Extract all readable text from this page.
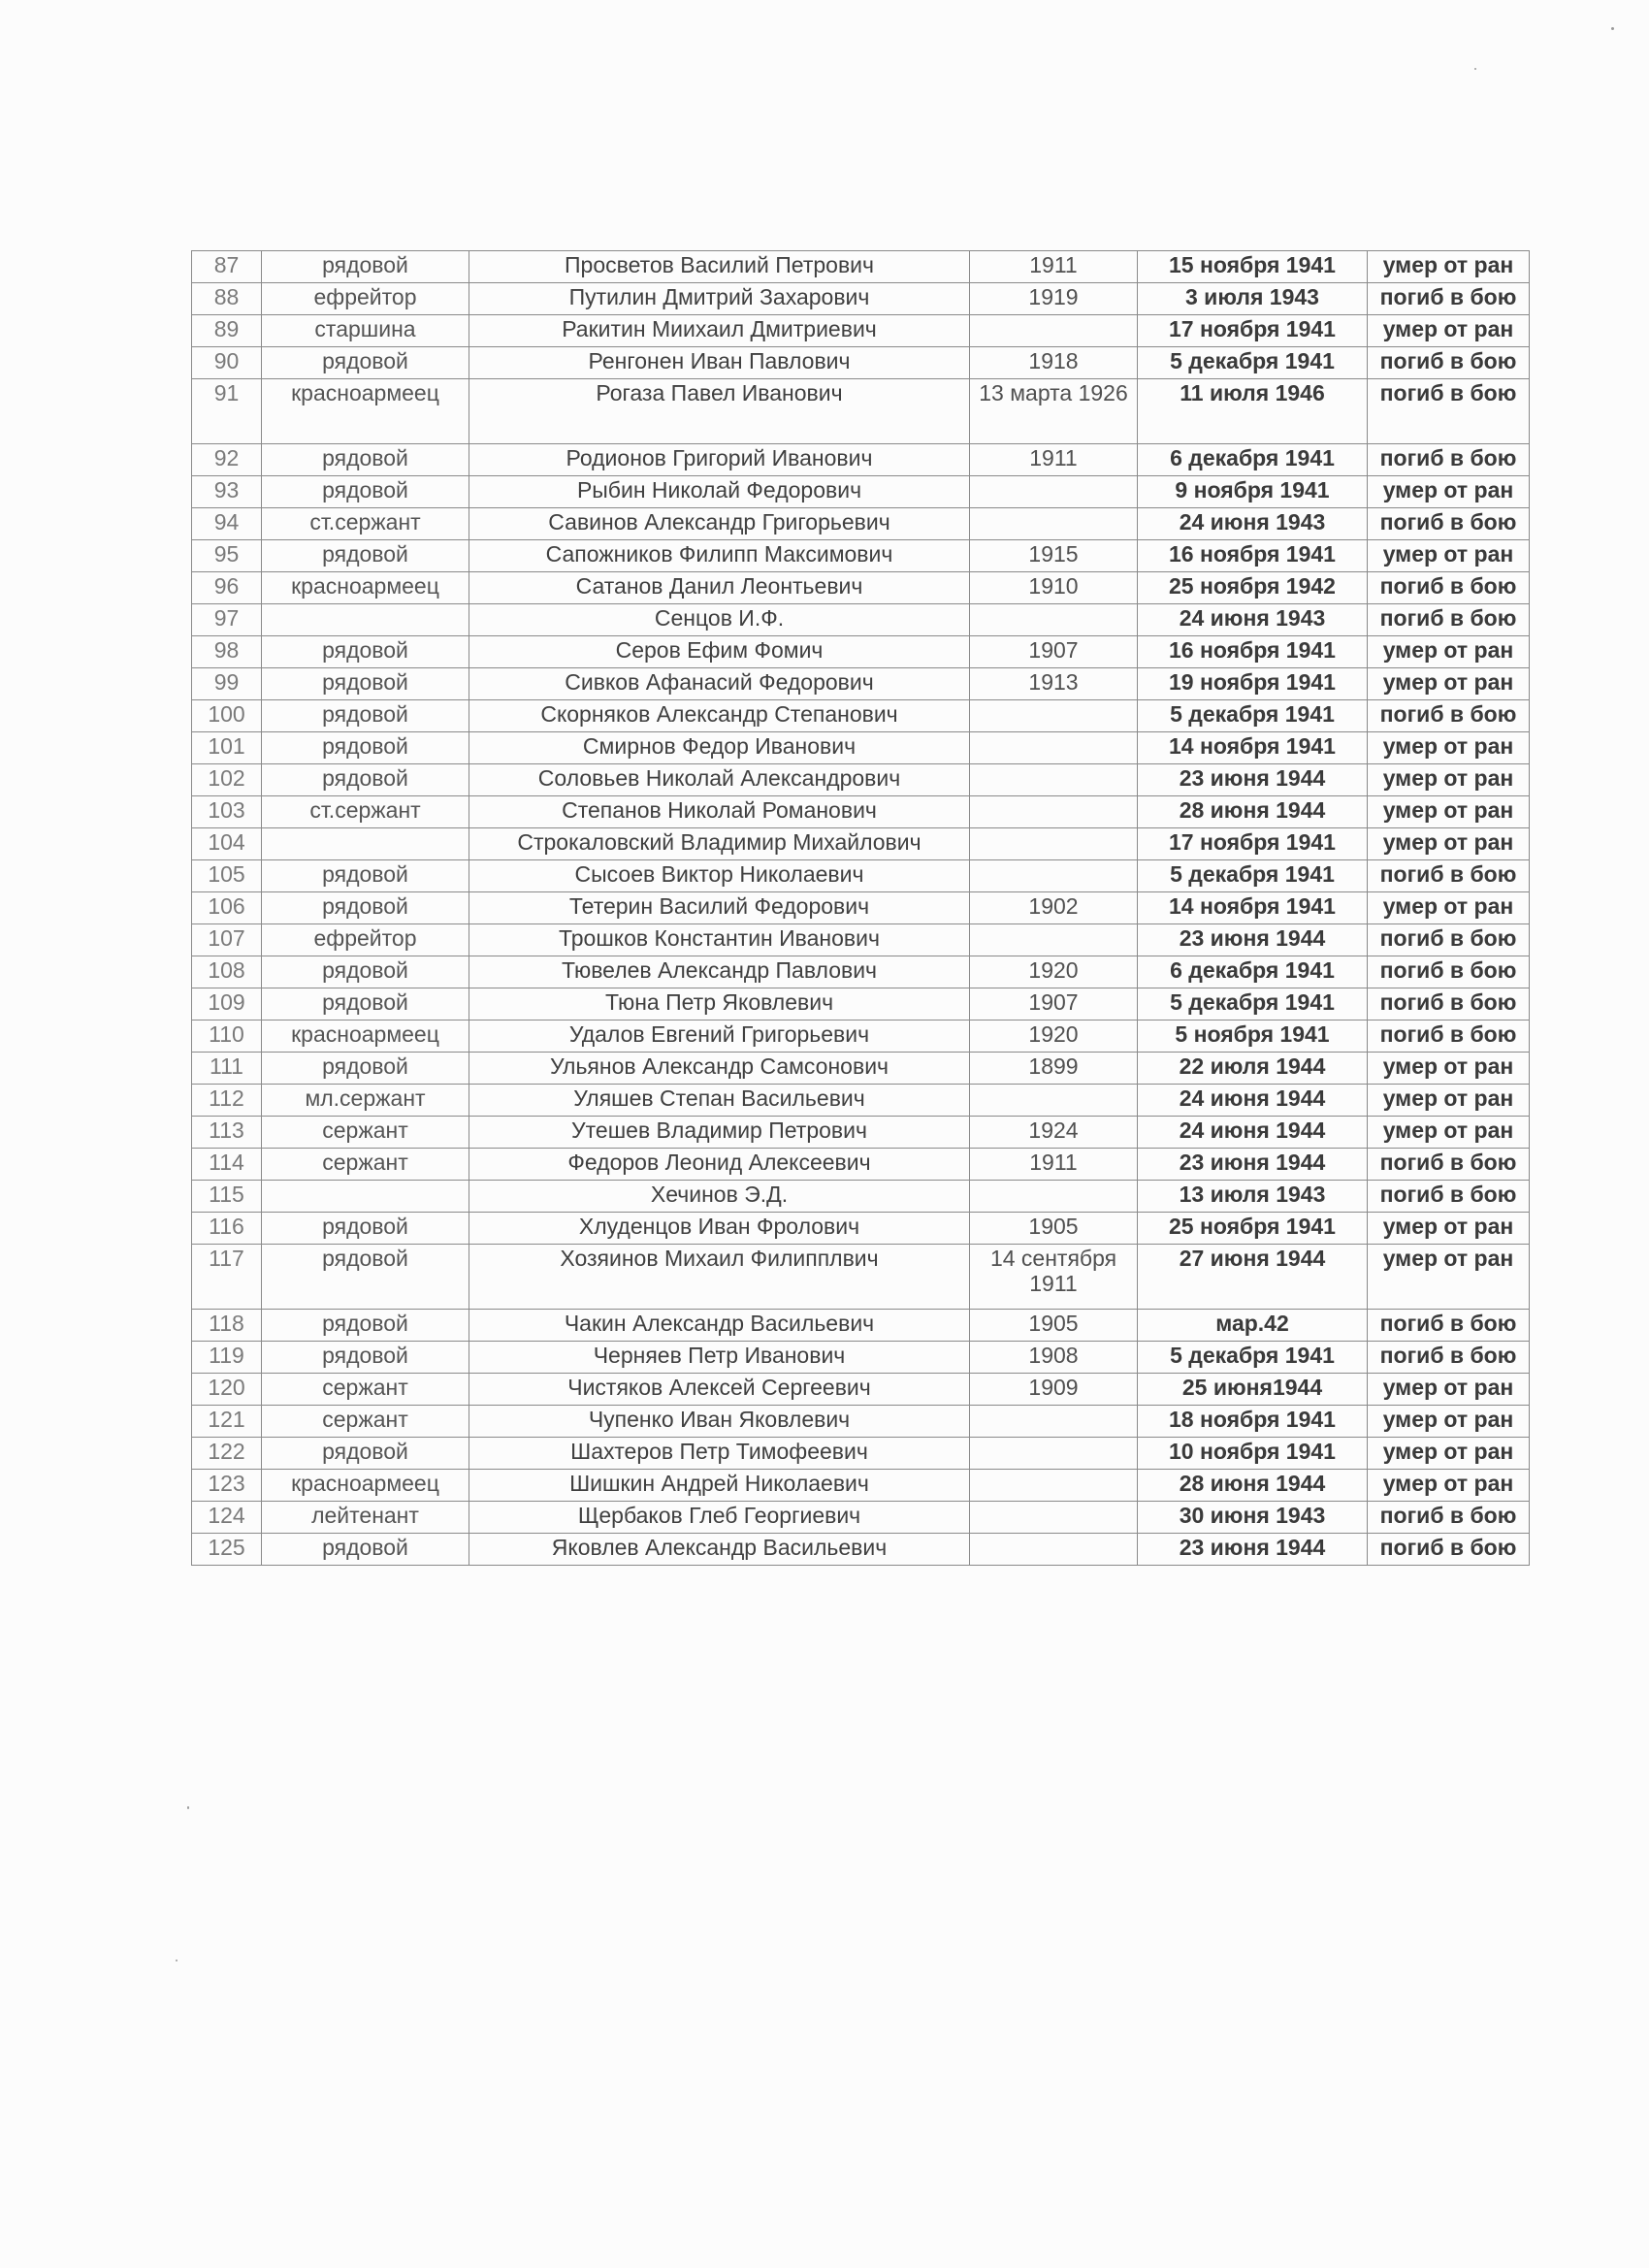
87	рядовой	Просветов Василий Петрович	1911	15 ноября 1941	умер от ран
88	ефрейтор	Путилин Дмитрий Захарович	1919	3 июля 1943	погиб в бою
89	старшина	Ракитин Миихаил Дмитриевич		17 ноября 1941	умер от ран
90	рядовой	Ренгонен Иван Павлович	1918	5 декабря 1941	погиб в бою
91	красноармеец	Рогаза Павел Иванович	13 марта 1926	11 июля 1946	погиб в бою
92	рядовой	Родионов Григорий Иванович	1911	6 декабря 1941	погиб в бою
93	рядовой	Рыбин Николай Федорович		9 ноября 1941	умер от ран
94	ст.сержант	Савинов Александр Григорьевич		24 июня 1943	погиб в бою
95	рядовой	Сапожников Филипп Максимович	1915	16 ноября 1941	умер от ран
96	красноармеец	Сатанов Данил Леонтьевич	1910	25 ноября 1942	погиб в бою
97		Сенцов И.Ф.		24 июня 1943	погиб в бою
98	рядовой	Серов Ефим Фомич	1907	16 ноября 1941	умер от ран
99	рядовой	Сивков Афанасий Федорович	1913	19 ноября 1941	умер от ран
100	рядовой	Скорняков Александр Степанович		5 декабря 1941	погиб в бою
101	рядовой	Смирнов Федор Иванович		14 ноября 1941	умер от ран
102	рядовой	Соловьев Николай Александрович		23 июня 1944	умер от ран
103	ст.сержант	Степанов Николай Романович		28 июня 1944	умер от ран
104		Строкаловский Владимир Михайлович		17 ноября 1941	умер от ран
105	рядовой	Сысоев Виктор Николаевич		5 декабря 1941	погиб в бою
106	рядовой	Тетерин Василий Федорович	1902	14 ноября 1941	умер от ран
107	ефрейтор	Трошков Константин Иванович		23 июня 1944	погиб в бою
108	рядовой	Тювелев Александр Павлович	1920	6 декабря 1941	погиб в бою
109	рядовой	Тюна Петр Яковлевич	1907	5 декабря 1941	погиб в бою
110	красноармеец	Удалов Евгений Григорьевич	1920	5 ноября 1941	погиб в бою
111	рядовой	Ульянов Александр Самсонович	1899	22 июля 1944	умер от ран
112	мл.сержант	Уляшев Степан Васильевич		24 июня 1944	умер от ран
113	сержант	Утешев Владимир Петрович	1924	24 июня 1944	умер от ран
114	сержант	Федоров Леонид Алексеевич	1911	23 июня 1944	погиб в бою
115		Хечинов Э.Д.		13 июля 1943	погиб в бою
116	рядовой	Хлуденцов Иван Фролович	1905	25 ноября 1941	умер от ран
117	рядовой	Хозяинов Михаил Филипплвич	14 сентября 1911	27 июня 1944	умер от ран
118	рядовой	Чакин Александр Васильевич	1905	мар.42	погиб в бою
119	рядовой	Черняев Петр Иванович	1908	5 декабря 1941	погиб в бою
120	сержант	Чистяков Алексей Сергеевич	1909	25 июня1944	умер от ран
121	сержант	Чупенко Иван Яковлевич		18 ноября 1941	умер от ран
122	рядовой	Шахтеров Петр Тимофеевич		10 ноября 1941	умер от ран
123	красноармеец	Шишкин Андрей Николаевич		28 июня 1944	умер от ран
124	лейтенант	Щербаков Глеб Георгиевич		30 июня 1943	погиб в бою
125	рядовой	Яковлев Александр Васильевич		23 июня 1944	погиб в бою
